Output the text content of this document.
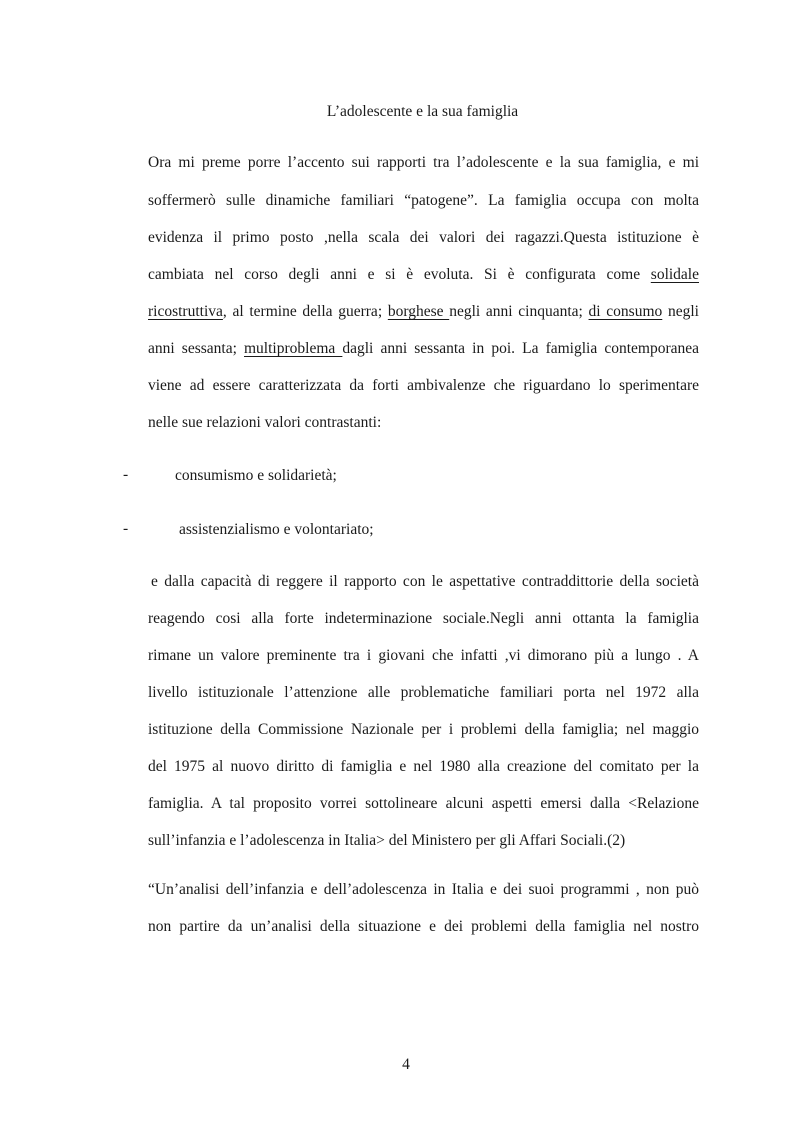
L’adolescente e la sua famiglia
Ora mi preme porre l’accento sui rapporti tra l’adolescente e la sua famiglia, e mi
soffermerò sulle dinamiche familiari “patogene”. La famiglia occupa con molta
evidenza il primo posto ,nella scala dei valori dei ragazzi.Questa istituzione è
cambiata nel corso degli anni e si è evoluta. Si è configurata come solidale
ricostruttiva, al termine della guerra; borghese negli anni cinquanta; di consumo negli
anni sessanta; multiproblema dagli anni sessanta in poi. La famiglia contemporanea
viene ad essere caratterizzata da forti ambivalenze che riguardano lo sperimentare
nelle sue relazioni valori contrastanti:
-	consumismo e solidarietà;
-	assistenzialismo e volontariato;
e dalla capacità di reggere il rapporto con le aspettative contraddittorie della società
reagendo cosi alla forte indeterminazione sociale.Negli anni ottanta la famiglia
rimane un valore preminente tra i giovani che infatti ,vi dimorano più a lungo . A
livello istituzionale l’attenzione alle problematiche familiari porta nel 1972 alla
istituzione della Commissione Nazionale per i problemi della famiglia; nel maggio
del 1975 al nuovo diritto di famiglia e nel 1980 alla creazione del comitato per la
famiglia. A tal proposito vorrei sottolineare alcuni aspetti emersi dalla <Relazione
sull’infanzia e l’adolescenza in Italia> del Ministero per gli Affari Sociali.(2)
“Un’analisi dell’infanzia e dell’adolescenza in Italia e dei suoi programmi , non può
non partire da un’analisi della situazione e dei problemi della famiglia nel nostro
4
